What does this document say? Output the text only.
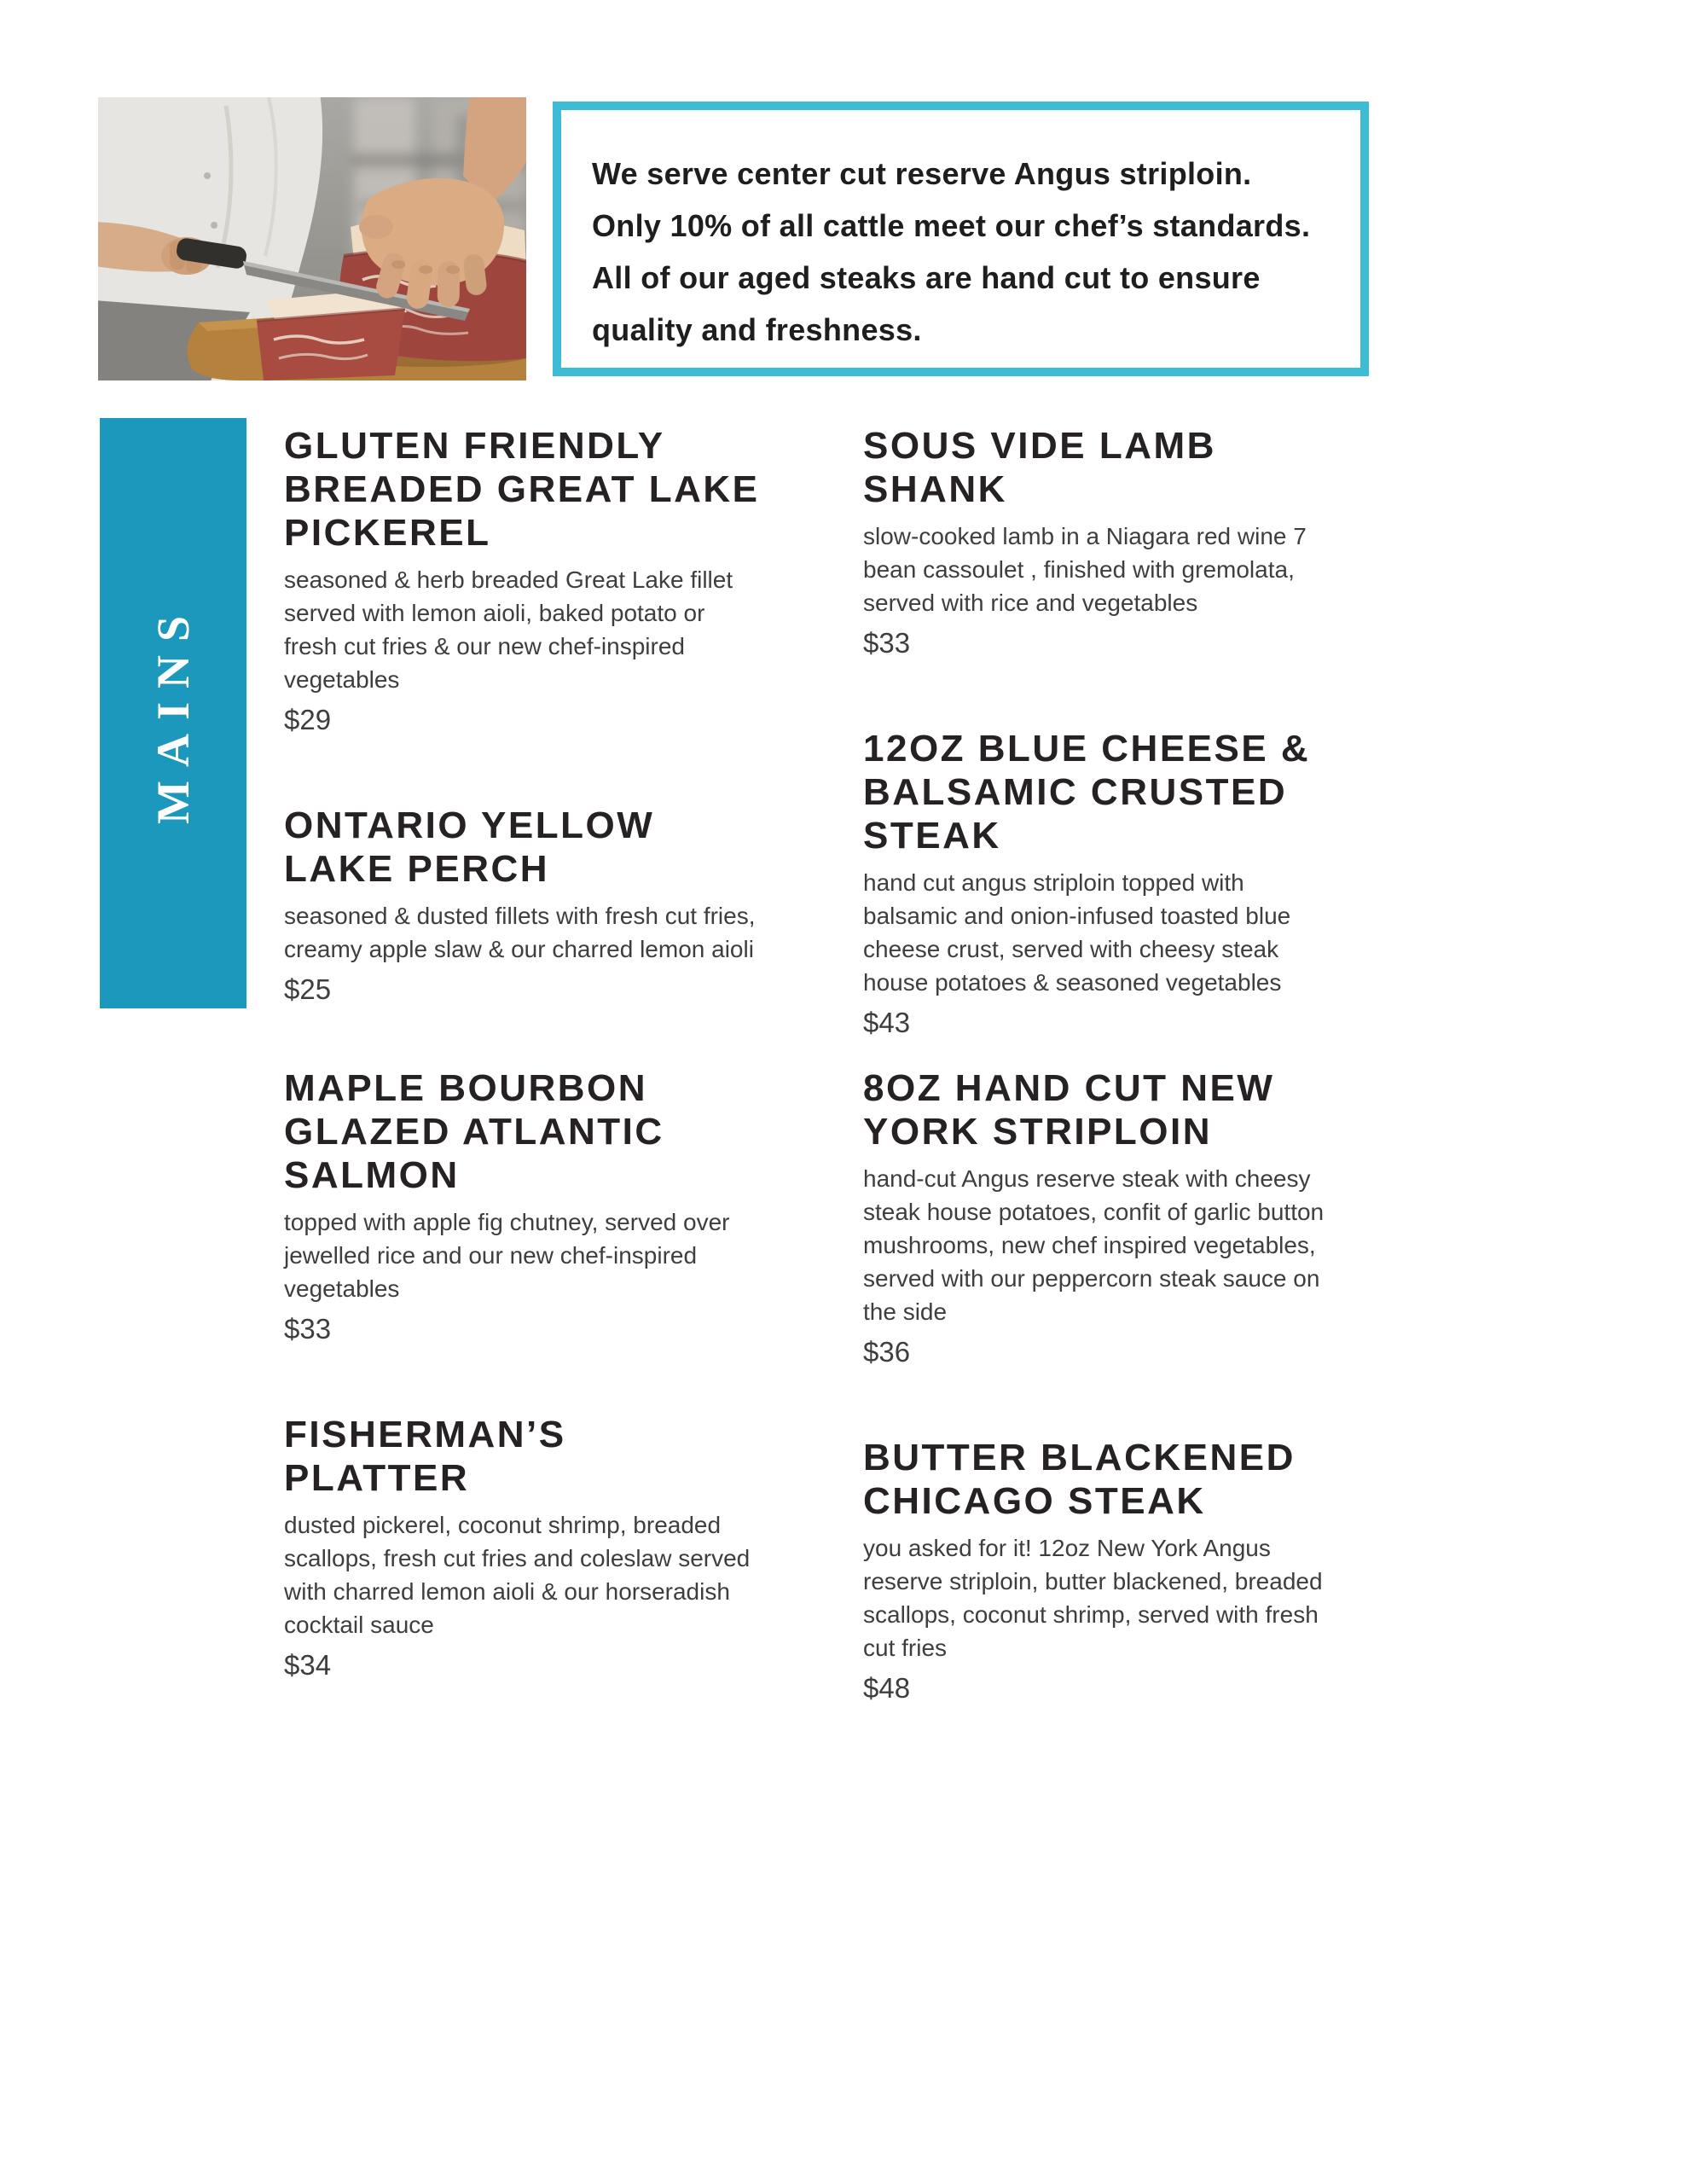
We serve center cut reserve Angus striploin.
Only 10% of all cattle meet our chef’s standards.
All of our aged steaks are hand cut to ensure
quality and freshness.
MAINS
GLUTEN FRIENDLY
BREADED GREAT LAKE
PICKEREL

seasoned & herb breaded Great Lake fillet served with lemon aioli, baked potato or fresh cut fries & our new chef-inspired vegetables

$29
ONTARIO YELLOW
LAKE PERCH

seasoned & dusted fillets with fresh cut fries, creamy apple slaw & our charred lemon aioli

$25
SOUS VIDE LAMB
SHANK

slow-cooked lamb in a Niagara red wine 7 bean cassoulet , finished with gremolata, served with rice and vegetables

$33
12OZ BLUE CHEESE &
BALSAMIC CRUSTED
STEAK

hand cut angus striploin topped with balsamic and onion-infused toasted blue cheese crust, served with cheesy steak house potatoes & seasoned vegetables

$43
MAPLE BOURBON
GLAZED ATLANTIC
SALMON

topped with apple fig chutney, served over jewelled rice and our new chef-inspired vegetables

$33
FISHERMAN’S
PLATTER

dusted pickerel, coconut shrimp, breaded scallops, fresh cut fries and coleslaw served with charred lemon aioli & our horseradish cocktail sauce

$34
8OZ HAND CUT NEW
YORK STRIPLOIN

hand-cut Angus reserve steak with cheesy steak house potatoes, confit of garlic button mushrooms, new chef inspired vegetables, served with our peppercorn steak sauce on the side

$36
BUTTER BLACKENED
CHICAGO STEAK

you asked for it! 12oz New York Angus reserve striploin, butter blackened, breaded scallops, coconut shrimp, served with fresh cut fries

$48
